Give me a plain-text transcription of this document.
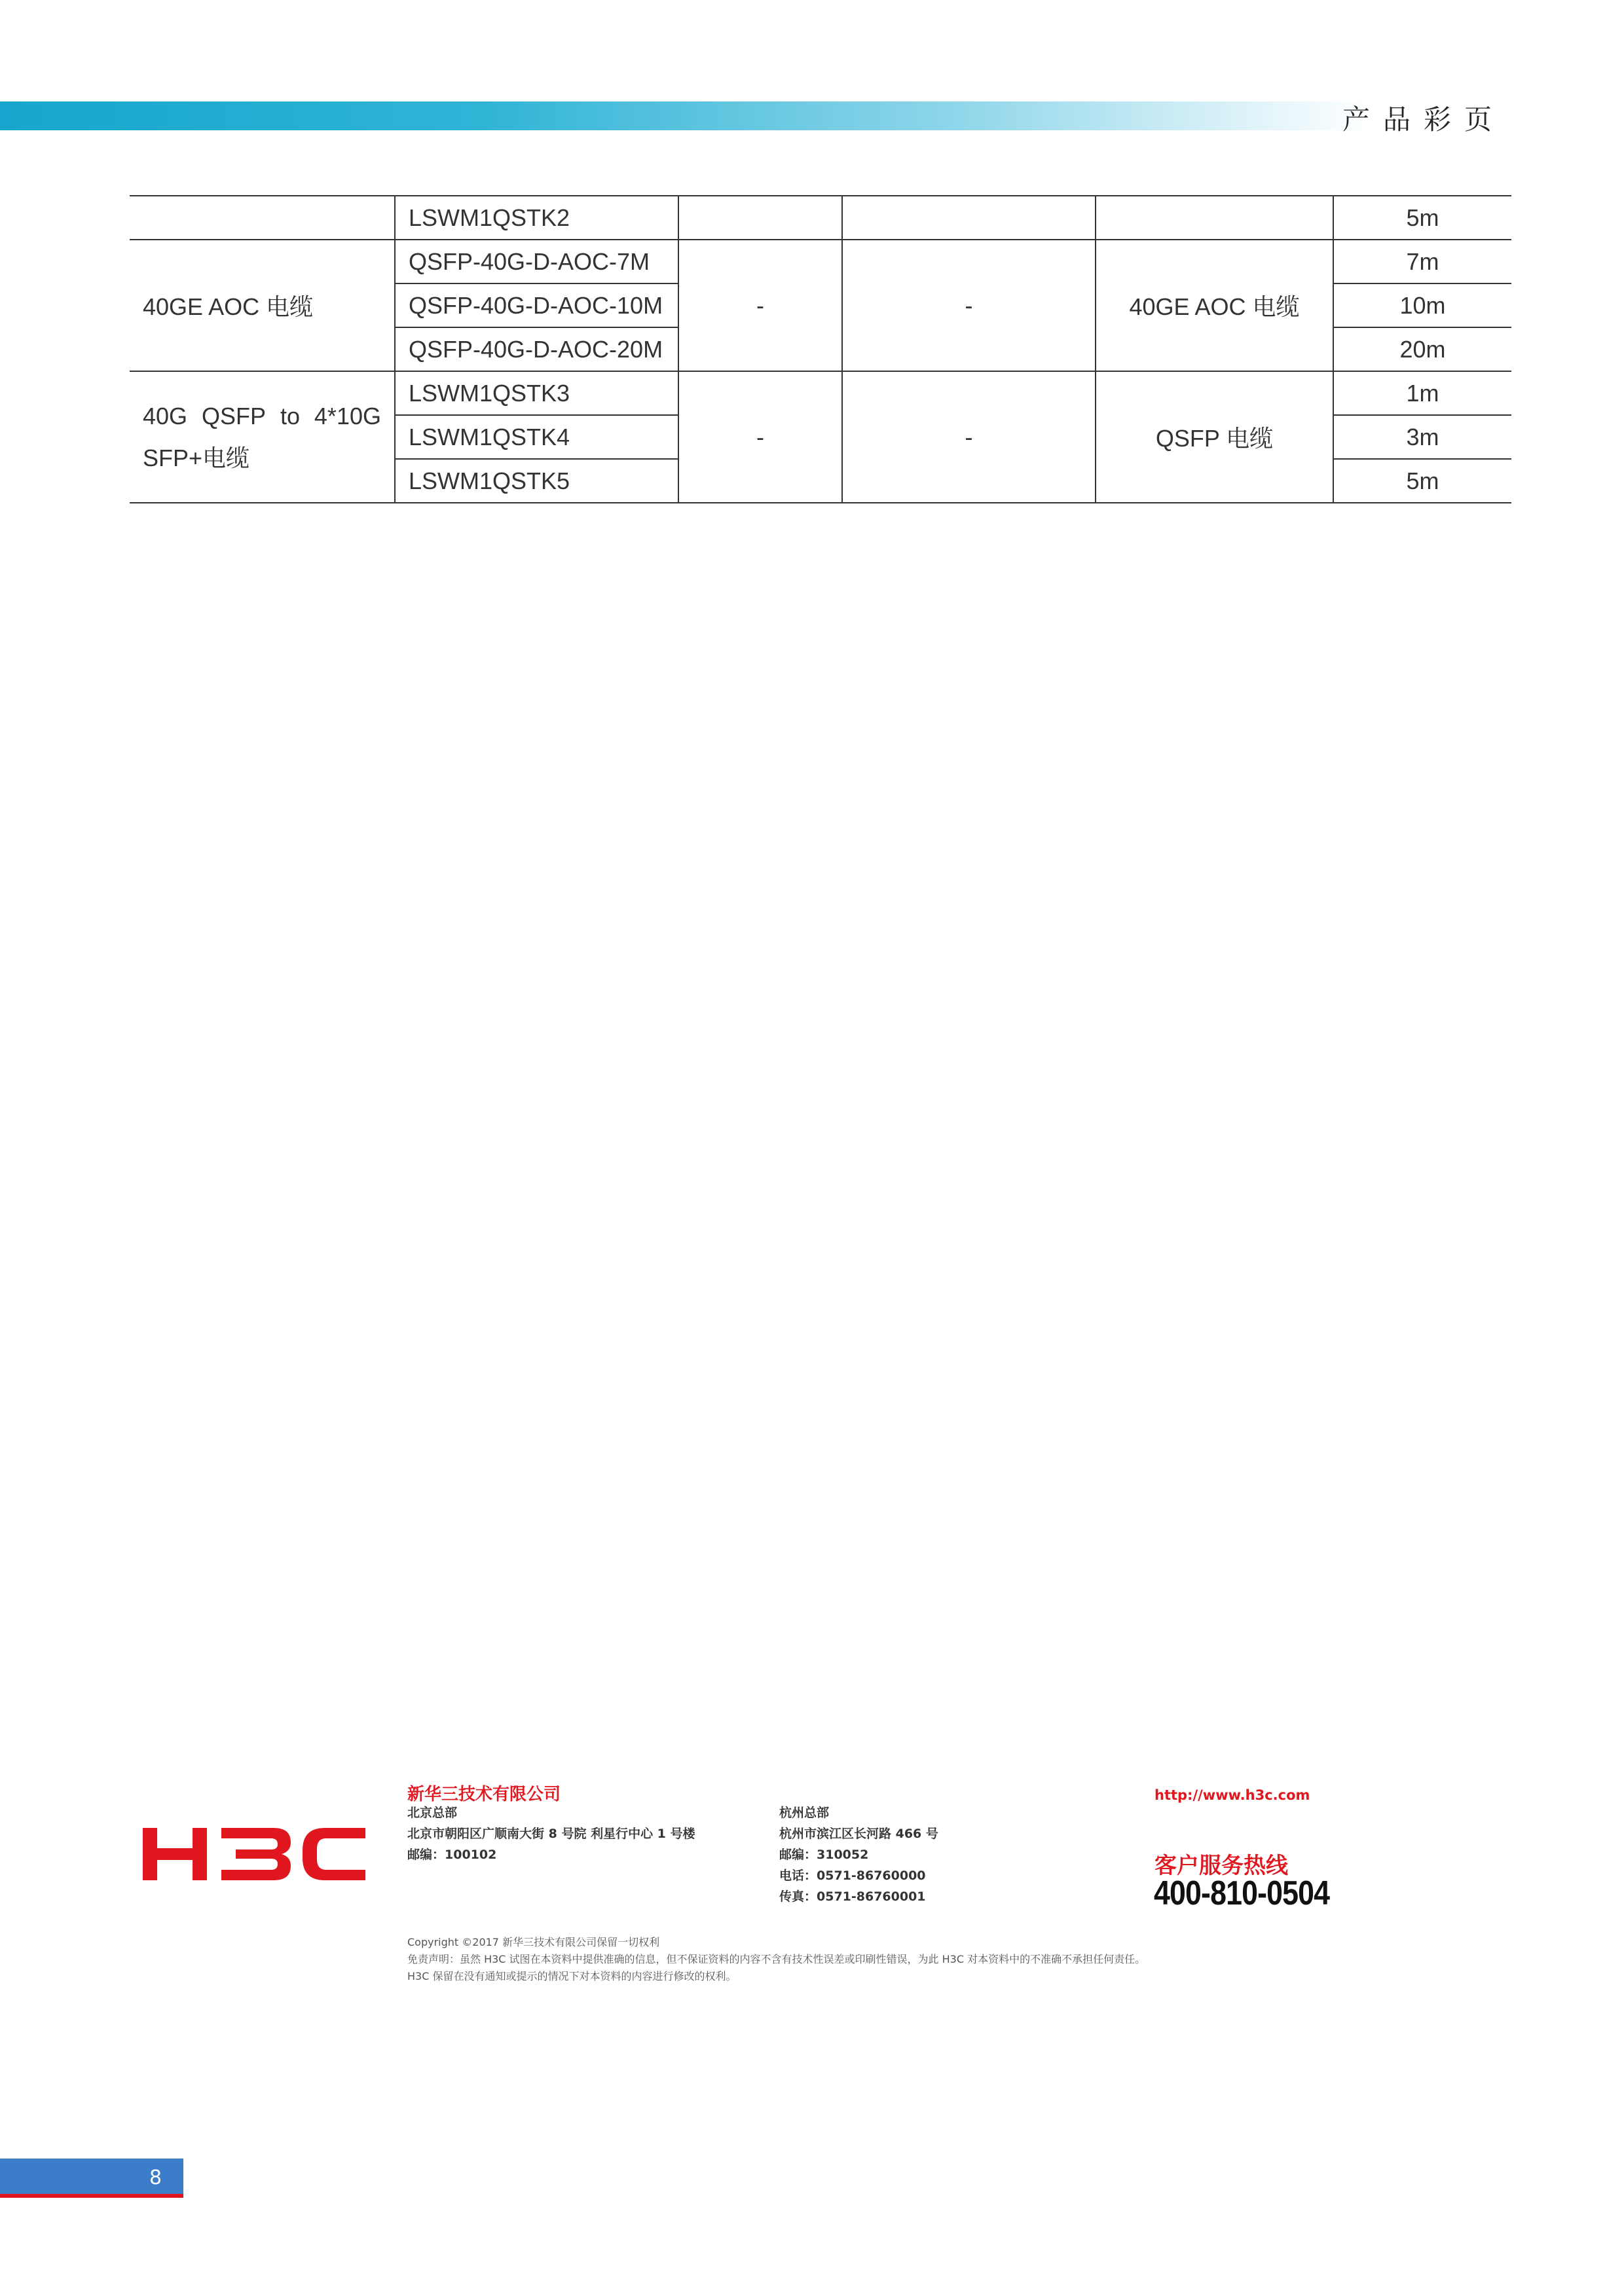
产品彩页
	LSWM1QSTK2				5m
40GE AOC 电缆	QSFP-40G-D-AOC-7M	-	-	40GE AOC 电缆	7m
	QSFP-40G-D-AOC-10M				10m
	QSFP-40G-D-AOC-20M				20m

40G QSFP to 4*10G
SFP+电缆	LSWM1QSTK3	-	-	QSFP 电缆	1m
	LSWM1QSTK4				3m
	LSWM1QSTK5				5m
新华三技术有限公司
北京总部
北京市朝阳区广顺南大街 8 号院 利星行中心 1 号楼
邮编：100102
杭州总部
杭州市滨江区长河路 466 号
邮编：310052
电话：0571-86760000
传真：0571-86760001
http://www.h3c.com
客户服务热线
400-810-0504
Copyright ©2017 新华三技术有限公司保留一切权利
免责声明：虽然 H3C 试图在本资料中提供准确的信息，但不保证资料的内容不含有技术性误差或印刷性错误，为此 H3C 对本资料中的不准确不承担任何责任。
H3C 保留在没有通知或提示的情况下对本资料的内容进行修改的权利。
8
